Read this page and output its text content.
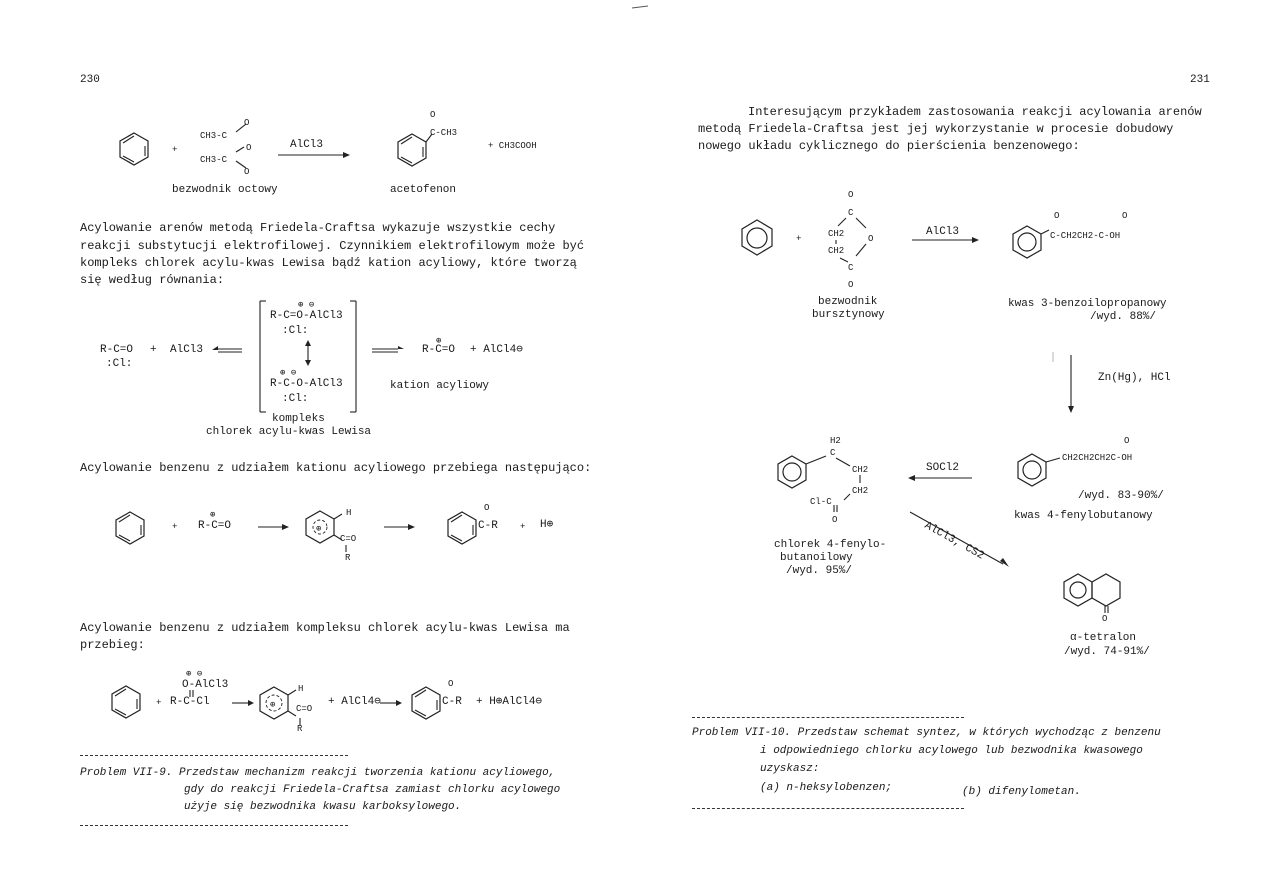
230
⊕
⊕
CH3-C
O
O
CH3-C
O
+	AlCl3
O
C-CH3
+ CH3COOH
bezwodnik octowy	acetofenon
Acylowanie arenów metodą Friedela-Craftsa wykazuje wszystkie cechy
reakcji substytucji elektrofilowej. Czynnikiem elektrofilowym może być
kompleks chlorek acylu-kwas Lewisa bądź kation acyliowy, które tworzą
się według równania:
R-C=O
:Cl:
+ AlCl3
⊕ ⊖
R-C=O-AlCl3
:Cl:
⊕ ⊖
R-C-O-AlCl3
:Cl:
⊕
R-C=O + AlCl4⊖
kation acyliowy
kompleks
chlorek acylu-kwas Lewisa
Acylowanie benzenu z udziałem kationu acyliowego przebiega następująco:
+
⊕
R-C=O
H
C=O
R
O
C-R + H⊕
Acylowanie benzenu z udziałem kompleksu chlorek acylu-kwas Lewisa ma
przebieg:
⊕ ⊖
O-AlCl3
+ R-C-Cl
H
C=O
R
+ AlCl4⊖
O
C-R + H⊕AlCl4⊖
Problem VII-9. Przedstaw mechanizm reakcji tworzenia kationu acyliowego,
gdy do reakcji Friedela-Craftsa zamiast chlorku acylowego
użyje się bezwodnika kwasu karboksylowego.
231
Interesującym przykładem zastosowania reakcji acylowania arenów
metodą Friedela-Craftsa jest jej wykorzystanie w procesie dobudowy
nowego układu cyklicznego do pierścienia benzenowego:
+
O
C
CH2	O
CH2
C
O
AlCl3
O	O
C-CH2CH2-C-OH
bezwodnik
bursztynowy
kwas 3-benzoilopropanowy
/wyd. 88%/
Zn(Hg), HCl
H2
C
CH2
CH2
Cl-C
O
SOCl2
O
CH2CH2CH2C-OH
/wyd. 83-90%/
kwas 4-fenylobutanowy
chlorek 4-fenylo-
butanoilowy
/wyd. 95%/
AlCl3, CS2
O
α-tetralon
/wyd. 74-91%/
Problem VII-10. Przedstaw schemat syntez, w których wychodząc z benzenu
i odpowiedniego chlorku acylowego lub bezwodnika kwasowego
uzyskasz:
(a) n-heksylobenzen;	(b) difenylometan.
